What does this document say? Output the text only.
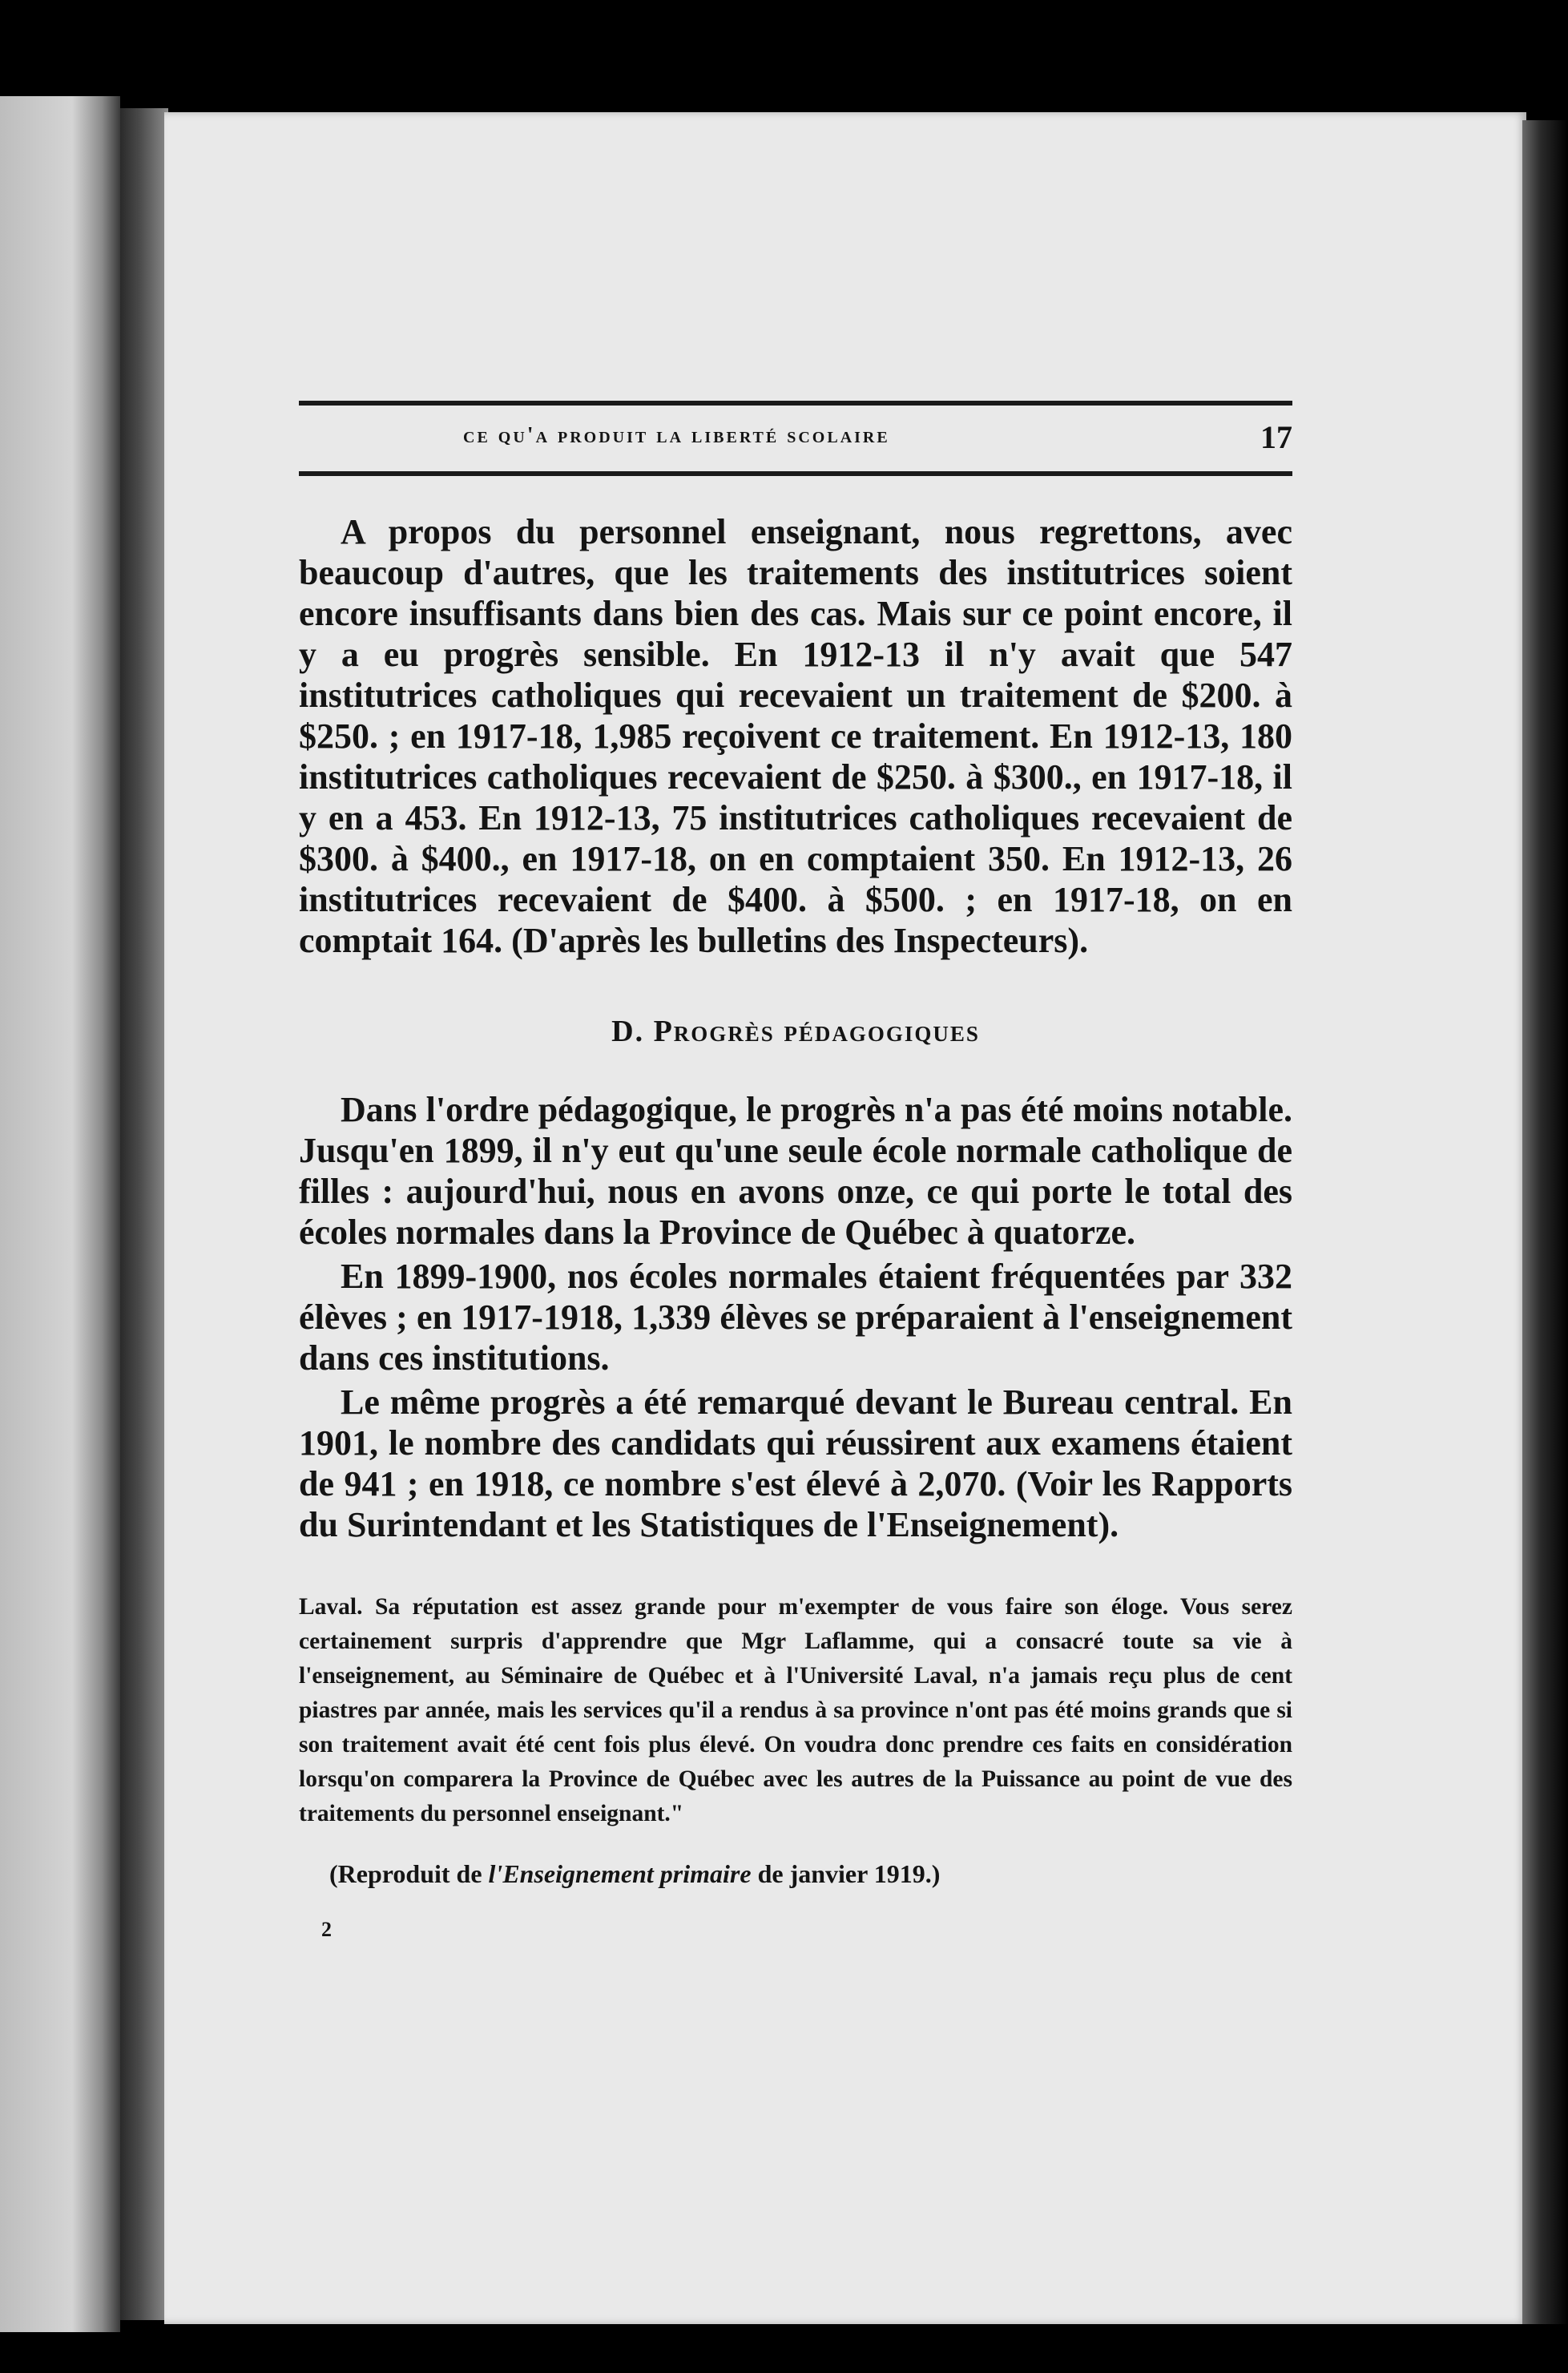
ce qu'a produit la liberté scolaire	17

A propos du personnel enseignant, nous regrettons, avec beaucoup d'autres, que les traitements des institutrices soient encore insuffisants dans bien des cas. Mais sur ce point encore, il y a eu progrès sensible. En 1912-13 il n'y avait que 547 institutrices catholiques qui recevaient un traitement de $200. à $250. ; en 1917-18, 1,985 reçoivent ce traitement. En 1912-13, 180 institutrices catholiques recevaient de $250. à $300., en 1917-18, il y en a 453. En 1912-13, 75 institutrices catholiques recevaient de $300. à $400., en 1917-18, on en comptaient 350. En 1912-13, 26 institutrices recevaient de $400. à $500. ; en 1917-18, on en comptait 164. (D'après les bulletins des Inspecteurs).

D. Progrès pédagogiques

Dans l'ordre pédagogique, le progrès n'a pas été moins notable. Jusqu'en 1899, il n'y eut qu'une seule école normale catholique de filles : aujourd'hui, nous en avons onze, ce qui porte le total des écoles normales dans la Province de Québec à quatorze.

En 1899-1900, nos écoles normales étaient fréquentées par 332 élèves ; en 1917-1918, 1,339 élèves se préparaient à l'enseignement dans ces institutions.

Le même progrès a été remarqué devant le Bureau central. En 1901, le nombre des candidats qui réussirent aux examens étaient de 941 ; en 1918, ce nombre s'est élevé à 2,070. (Voir les Rapports du Surintendant et les Statistiques de l'Enseignement).

Laval. Sa réputation est assez grande pour m'exempter de vous faire son éloge. Vous serez certainement surpris d'apprendre que Mgr Laflamme, qui a consacré toute sa vie à l'enseignement, au Séminaire de Québec et à l'Université Laval, n'a jamais reçu plus de cent piastres par année, mais les services qu'il a rendus à sa province n'ont pas été moins grands que si son traitement avait été cent fois plus élevé. On voudra donc prendre ces faits en considération lorsqu'on comparera la Province de Québec avec les autres de la Puissance au point de vue des traitements du personnel enseignant."

(Reproduit de l'Enseignement primaire de janvier 1919.)

2
